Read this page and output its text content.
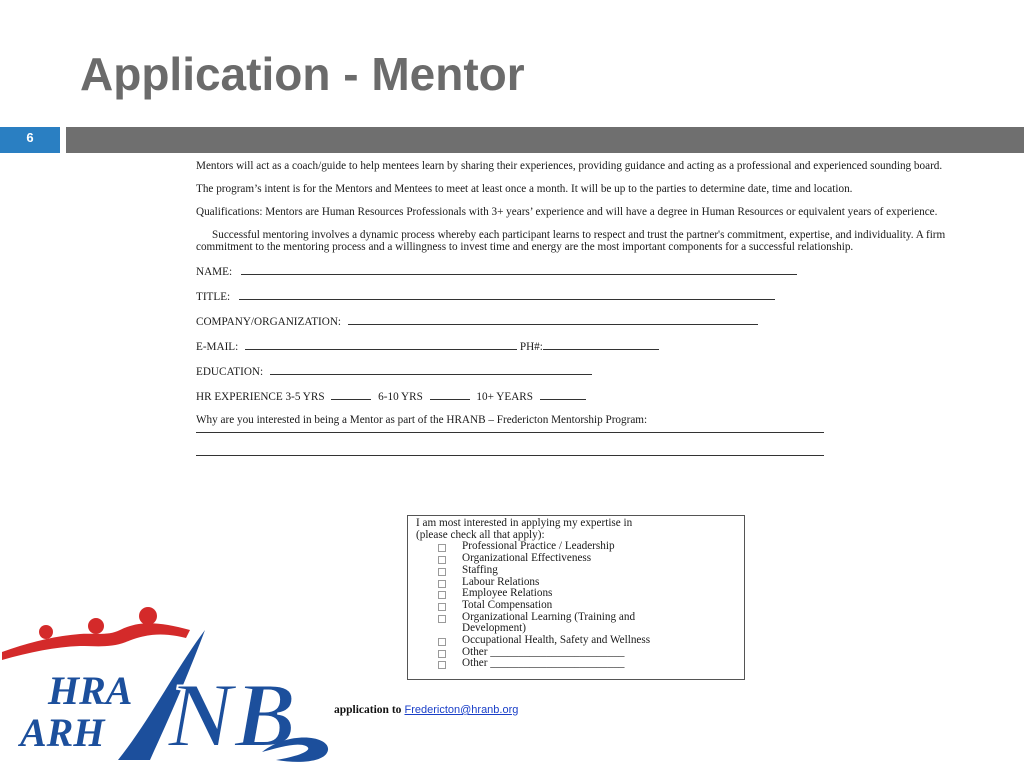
Application - Mentor
6

Mentors will act as a coach/guide to help mentees learn by sharing their experiences, providing guidance and acting as a professional and experienced sounding board.

The program’s intent is for the Mentors and Mentees to meet at least once a month. It will be up to the parties to determine date, time and location.

Qualifications: Mentors are Human Resources Professionals with 3+ years’ experience and will have a degree in Human Resources or equivalent years of experience.

Successful mentoring involves a dynamic process whereby each participant learns to respect and trust the partner's commitment, expertise, and individuality. A firm commitment to the mentoring process and a willingness to invest time and energy are the most important components for a successful relationship.

NAME:
TITLE:
COMPANY/ORGANIZATION:
E-MAIL:	PH#:
EDUCATION:
HR EXPERIENCE 3-5 YRS	6-10 YRS	10+ YEARS
Why are you interested in being a Mentor as part of the HRANB – Fredericton Mentorship Program:
I am most interested in applying my expertise in
(please check all that apply):
Professional Practice / Leadership
Organizational Effectiveness
Staffing
Labour Relations
Employee Relations
Total Compensation
Organizational Learning (Training and Development)
Occupational Health, Safety and Wellness
Other ________________________
Other ________________________
application to Fredericton@hranb.org
HRA
ARH NB
